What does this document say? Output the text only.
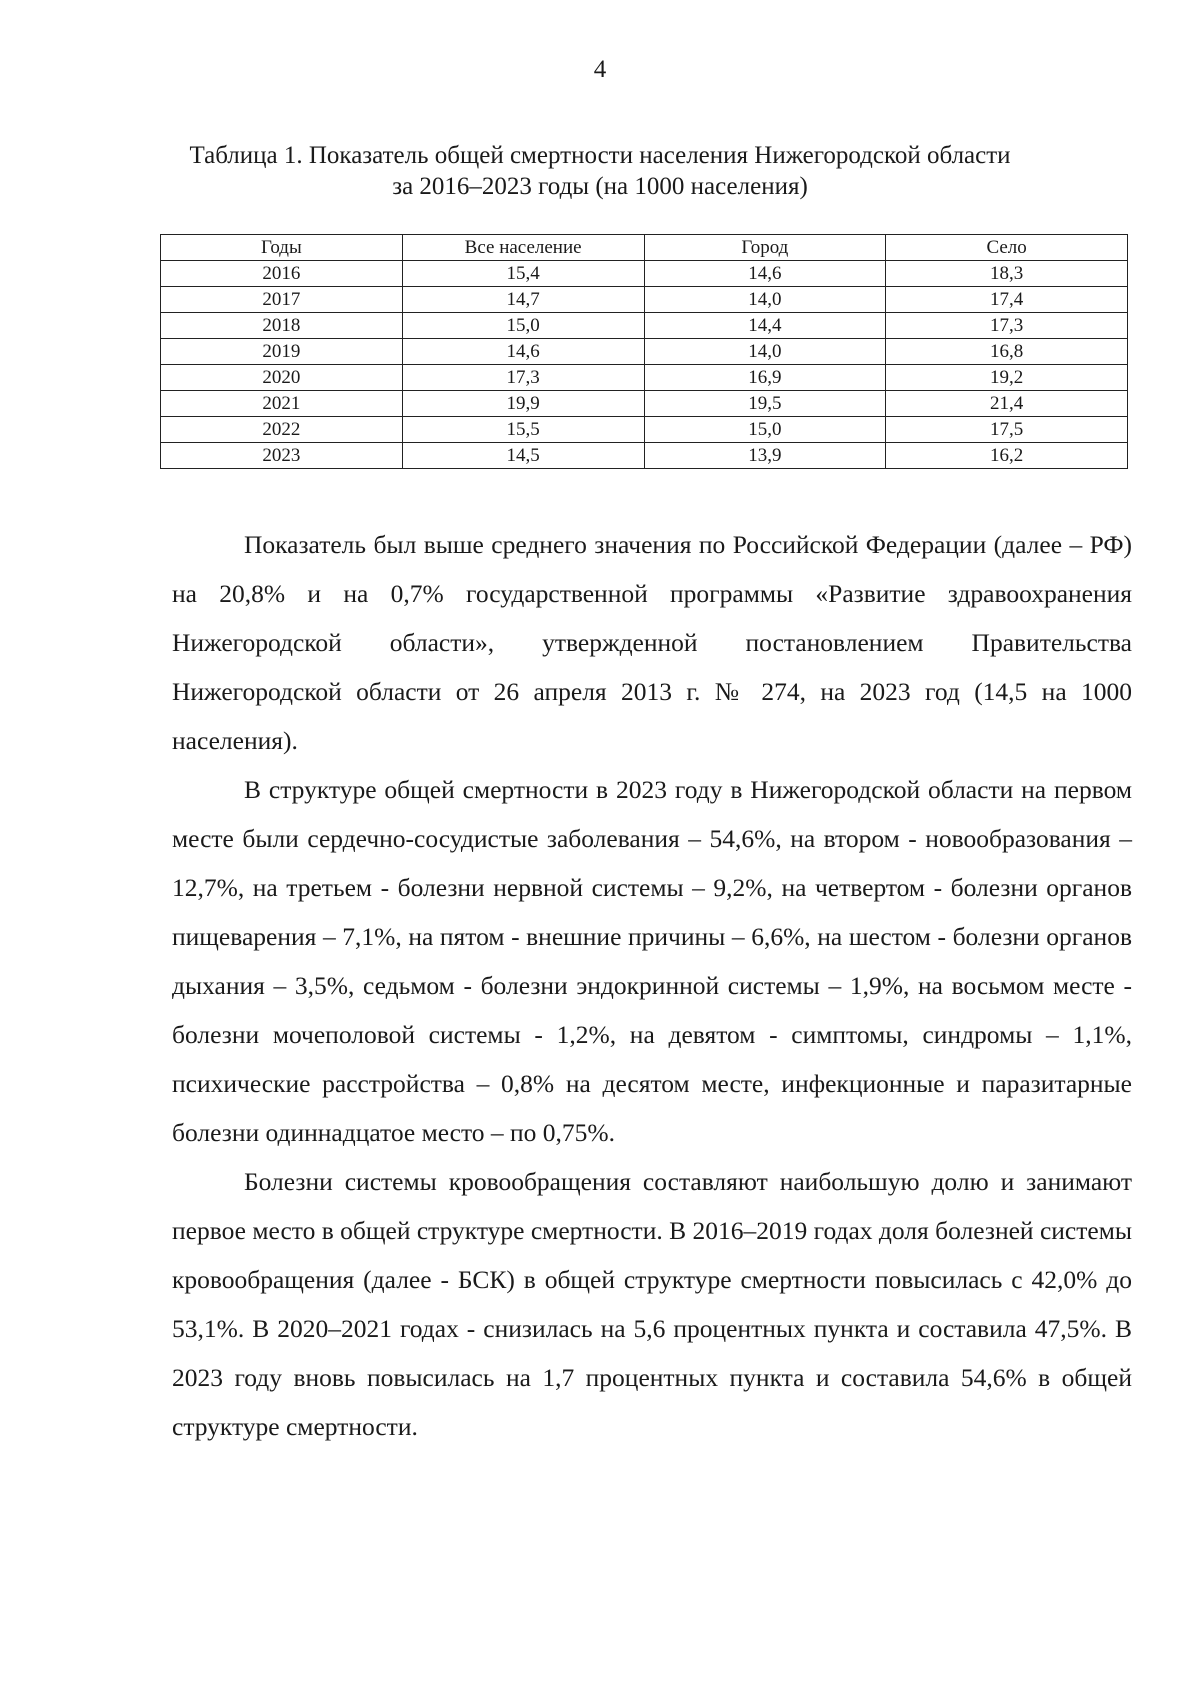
4
Таблица 1. Показатель общей смертности населения Нижегородской области
за 2016–2023 годы (на 1000 населения)
Годы	Все население	Город	Село
2016	15,4	14,6	18,3
2017	14,7	14,0	17,4
2018	15,0	14,4	17,3
2019	14,6	14,0	16,8
2020	17,3	16,9	19,2
2021	19,9	19,5	21,4
2022	15,5	15,0	17,5
2023	14,5	13,9	16,2

Показатель был выше среднего значения по Российской Федерации (далее – РФ) на 20,8% и на 0,7% государственной программы «Развитие здравоохранения Нижегородской области», утвержденной постановлением Правительства Нижегородской области от 26 апреля 2013 г. № 274, на 2023 год (14,5 на 1000 населения).

В структуре общей смертности в 2023 году в Нижегородской области на первом месте были сердечно-сосудистые заболевания – 54,6%, на втором - новообразования – 12,7%, на третьем - болезни нервной системы – 9,2%, на четвертом - болезни органов пищеварения – 7,1%, на пятом - внешние причины – 6,6%, на шестом - болезни органов дыхания – 3,5%, седьмом - болезни эндокринной системы – 1,9%, на восьмом месте - болезни мочеполовой системы - 1,2%, на девятом - симптомы, синдромы – 1,1%, психические расстройства – 0,8% на десятом месте, инфекционные и паразитарные болезни одиннадцатое место – по 0,75%.

Болезни системы кровообращения составляют наибольшую долю и занимают первое место в общей структуре смертности. В 2016–2019 годах доля болезней системы кровообращения (далее - БСК) в общей структуре смертности повысилась с 42,0% до 53,1%. В 2020–2021 годах - снизилась на 5,6 процентных пункта и составила 47,5%. В 2023 году вновь повысилась на 1,7 процентных пункта и составила 54,6% в общей структуре смертности.
